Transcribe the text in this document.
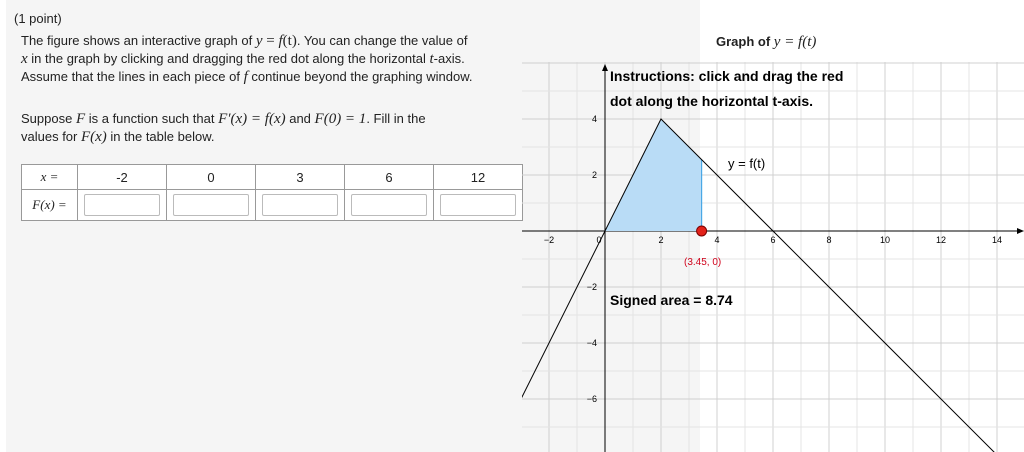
(1 point)
The figure shows an interactive graph of y = f(t). You can change the value of
x in the graph by clicking and dragging the red dot along the horizontal t-axis.
Assume that the lines in each piece of f continue beyond the graphing window.
Suppose F is a function such that F′(x) = f(x) and F(0) = 1. Fill in the
values for F(x) in the table below.
x =	-2	0	3	6	12
F(x) =					
Graph of y = f(t)
−2	0	2	4	6	8	10	12	14
4
2
−2
−4
−6
Instructions: click and drag the red
dot along the horizontal t-axis.
y = f(t)
(3.45, 0)
Signed area = 8.74
